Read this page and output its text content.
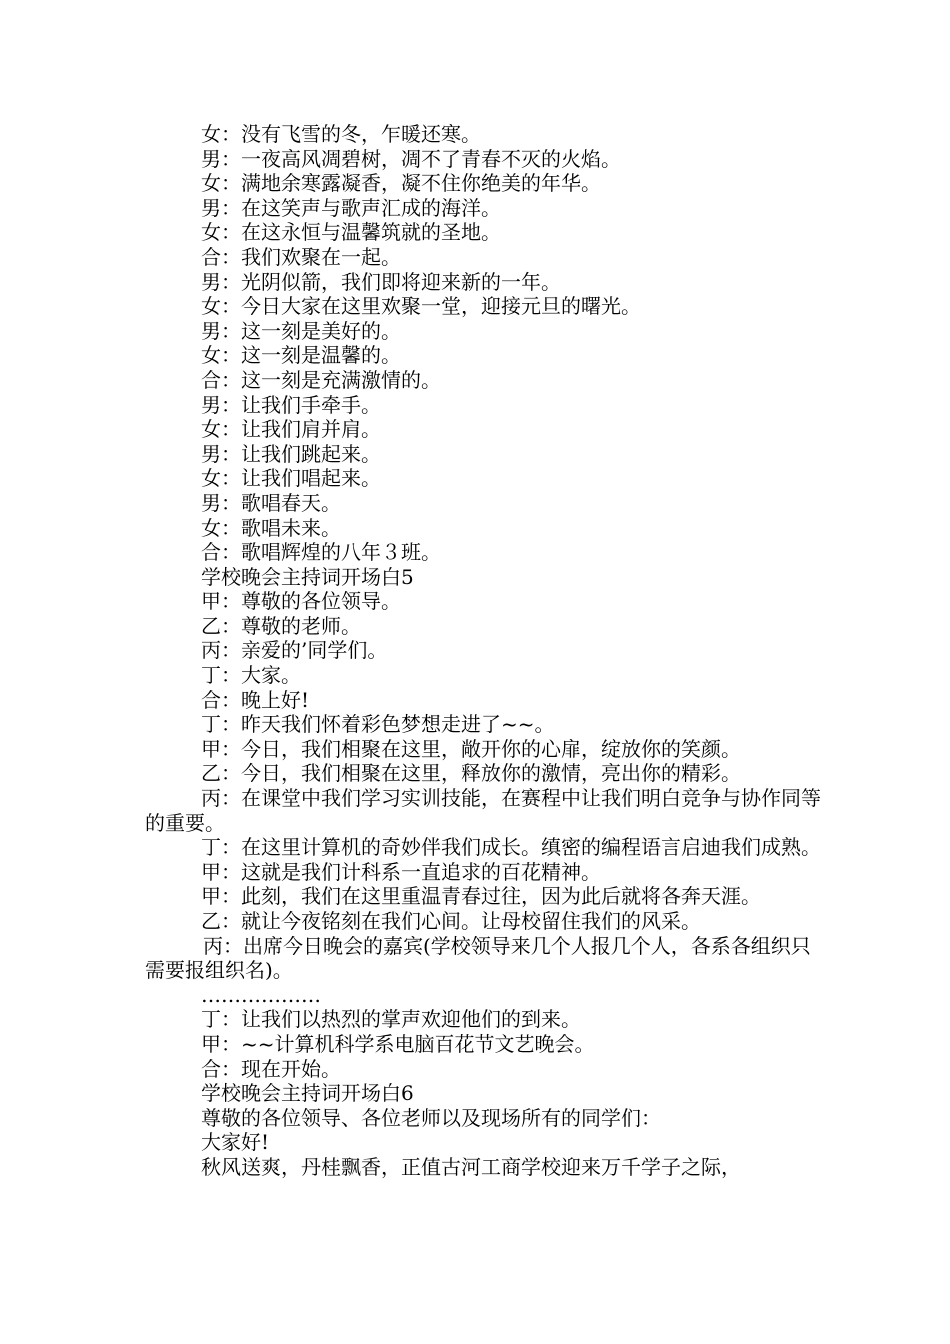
女：没有飞雪的冬，乍暖还寒。

男：一夜高风凋碧树，凋不了青春不灭的火焰。

女：满地余寒露凝香，凝不住你绝美的年华。

男：在这笑声与歌声汇成的海洋。

女：在这永恒与温馨筑就的圣地。

合：我们欢聚在一起。

男：光阴似箭，我们即将迎来新的一年。

女：今日大家在这里欢聚一堂，迎接元旦的曙光。

男：这一刻是美好的。

女：这一刻是温馨的。

合：这一刻是充满激情的。

男：让我们手牵手。

女：让我们肩并肩。

男：让我们跳起来。

女：让我们唱起来。

男：歌唱春天。

女：歌唱未来。

合：歌唱辉煌的八年３班。

学校晚会主持词开场白5

甲：尊敬的各位领导。

乙：尊敬的老师。

丙：亲爱的’同学们。

丁：大家。

合：晚上好!

丁：昨天我们怀着彩色梦想走进了~~。

甲：今日，我们相聚在这里，敞开你的心扉，绽放你的笑颜。

乙：今日，我们相聚在这里，释放你的激情，亮出你的精彩。

丙：在课堂中我们学习实训技能，在赛程中让我们明白竞争与协作同等的重要。

丁：在这里计算机的奇妙伴我们成长。缜密的编程语言启迪我们成熟。

甲：这就是我们计科系一直追求的百花精神。

甲：此刻，我们在这里重温青春过往，因为此后就将各奔天涯。

乙：就让今夜铭刻在我们心间。让母校留住我们的风采。

丙：出席今日晚会的嘉宾(学校领导来几个人报几个人，各系各组织只需要报组织名)。

………………

丁：让我们以热烈的掌声欢迎他们的到来。

甲：~~计算机科学系电脑百花节文艺晚会。

合：现在开始。

学校晚会主持词开场白6

尊敬的各位领导、各位老师以及现场所有的同学们：

大家好!

秋风送爽，丹桂飘香，正值古河工商学校迎来万千学子之际，
